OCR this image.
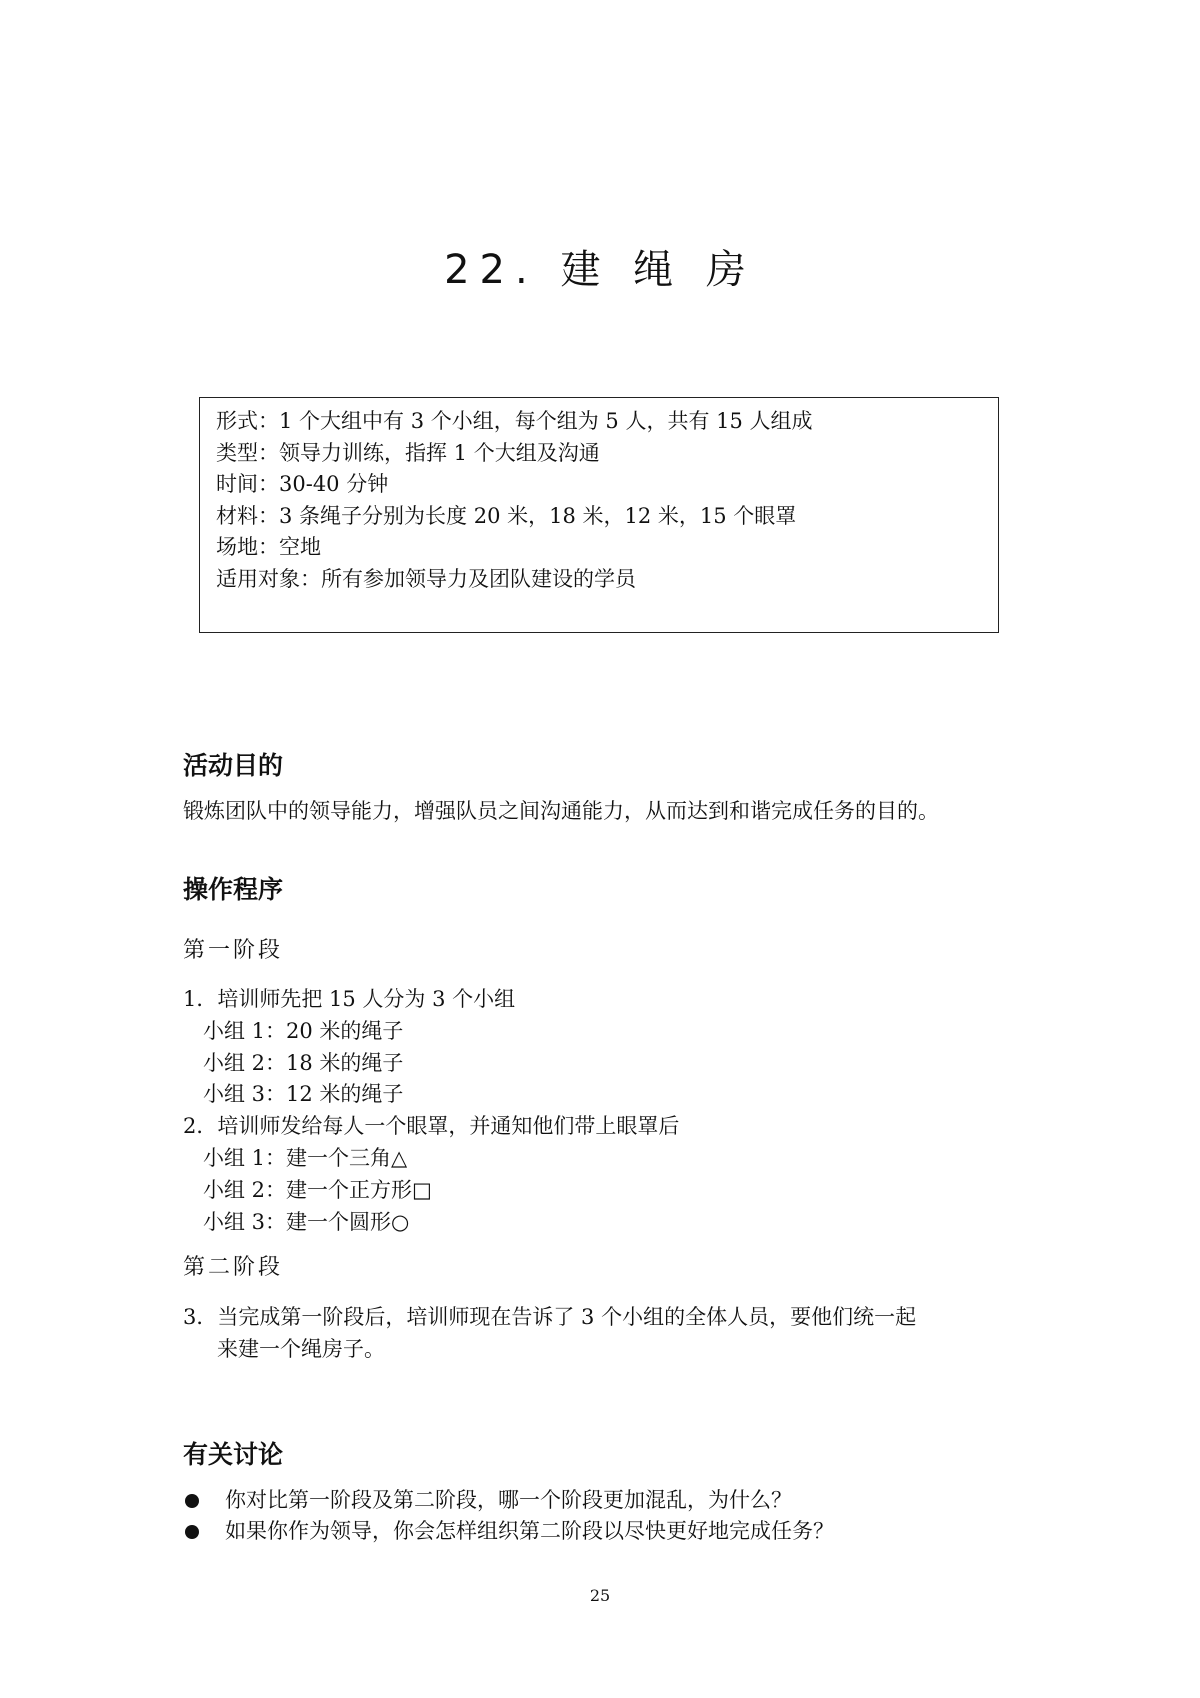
22. 建 绳 房
形式：1 个大组中有 3 个小组，每个组为 5 人，共有 15 人组成
类型：领导力训练，指挥 1 个大组及沟通
时间：30-40 分钟
材料：3 条绳子分别为长度 20 米，18 米，12 米，15 个眼罩
场地：空地
适用对象：所有参加领导力及团队建设的学员
活动目的
锻炼团队中的领导能力，增强队员之间沟通能力，从而达到和谐完成任务的目的。
操作程序
第一阶段
1．培训师先把 15 人分为 3 个小组
小组 1：20 米的绳子
小组 2：18 米的绳子
小组 3：12 米的绳子
2．培训师发给每人一个眼罩，并通知他们带上眼罩后
小组 1：建一个三角△
小组 2：建一个正方形□
小组 3：建一个圆形○
第二阶段
3．当完成第一阶段后，培训师现在告诉了 3 个小组的全体人员，要他们统一起
来建一个绳房子。
有关讨论
你对比第一阶段及第二阶段，哪一个阶段更加混乱，为什么？
如果你作为领导，你会怎样组织第二阶段以尽快更好地完成任务？
25
